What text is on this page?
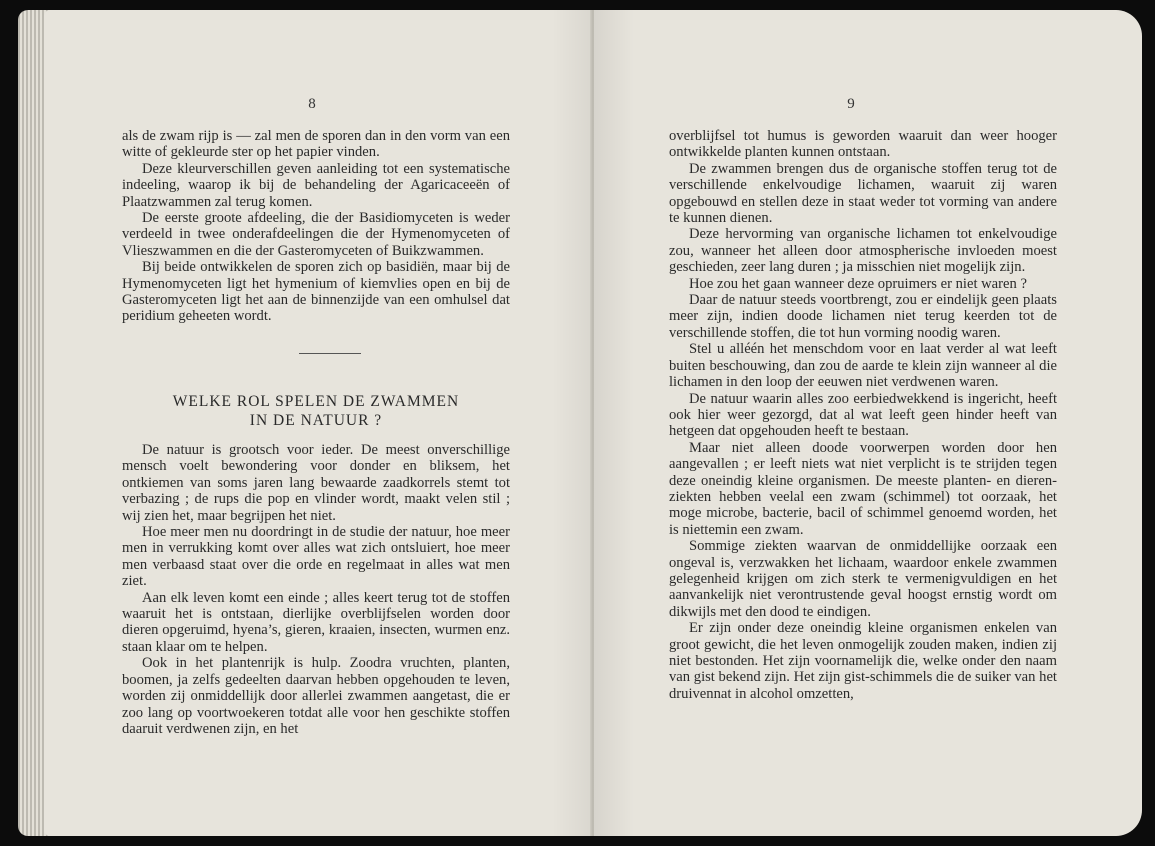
8

als de zwam rijp is — zal men de sporen dan in den vorm van een witte of gekleurde ster op het papier vinden.

Deze kleurverschillen geven aanleiding tot een systematische indeeling, waarop ik bij de behandeling der Agaricaceeën of Plaatzwammen zal terug komen.

De eerste groote afdeeling, die der Basidiomyceten is weder verdeeld in twee onderafdeelingen die der Hymenomyceten of Vlieszwammen en die der Gasteromyceten of Buikzwammen.

Bij beide ontwikkelen de sporen zich op basidiën, maar bij de Hymenomyceten ligt het hymenium of kiemvlies open en bij de Gasteromyceten ligt het aan de binnenzijde van een omhulsel dat peridium geheeten wordt.

WELKE ROL SPELEN DE ZWAMMEN
IN DE NATUUR ?

De natuur is grootsch voor ieder. De meest onverschillige mensch voelt bewondering voor donder en bliksem, het ontkiemen van soms jaren lang bewaarde zaadkorrels stemt tot verbazing ; de rups die pop en vlinder wordt, maakt velen stil ; wij zien het, maar begrijpen het niet.

Hoe meer men nu doordringt in de studie der natuur, hoe meer men in verrukking komt over alles wat zich ontsluiert, hoe meer men verbaasd staat over die orde en regelmaat in alles wat men ziet.

Aan elk leven komt een einde ; alles keert terug tot de stoffen waaruit het is ontstaan, dierlijke overblijfselen worden door dieren opgeruimd, hyena’s, gieren, kraaien, insecten, wurmen enz. staan klaar om te helpen.

Ook in het plantenrijk is hulp. Zoodra vruchten, planten, boomen, ja zelfs gedeelten daarvan hebben opgehouden te leven, worden zij onmiddellijk door allerlei zwammen aangetast, die er zoo lang op voortwoekeren totdat alle voor hen geschikte stoffen daaruit verdwenen zijn, en het

9

overblijfsel tot humus is geworden waaruit dan weer hooger ontwikkelde planten kunnen ontstaan.

De zwammen brengen dus de organische stoffen terug tot de verschillende enkelvoudige lichamen, waaruit zij waren opgebouwd en stellen deze in staat weder tot vorming van andere te kunnen dienen.

Deze hervorming van organische lichamen tot enkelvoudige zou, wanneer het alleen door atmospherische invloeden moest geschieden, zeer lang duren ; ja misschien niet mogelijk zijn.

Hoe zou het gaan wanneer deze opruimers er niet waren ?

Daar de natuur steeds voortbrengt, zou er eindelijk geen plaats meer zijn, indien doode lichamen niet terug keerden tot de verschillende stoffen, die tot hun vorming noodig waren.

Stel u alléén het menschdom voor en laat verder al wat leeft buiten beschouwing, dan zou de aarde te klein zijn wanneer al die lichamen in den loop der eeuwen niet verdwenen waren.

De natuur waarin alles zoo eerbiedwekkend is ingericht, heeft ook hier weer gezorgd, dat al wat leeft geen hinder heeft van hetgeen dat opgehouden heeft te bestaan.

Maar niet alleen doode voorwerpen worden door hen aangevallen ; er leeft niets wat niet verplicht is te strijden tegen deze oneindig kleine organismen. De meeste planten- en dieren-ziekten hebben veelal een zwam (schimmel) tot oorzaak, het moge microbe, bacterie, bacil of schimmel genoemd worden, het is niettemin een zwam.

Sommige ziekten waarvan de onmiddellijke oorzaak een ongeval is, verzwakken het lichaam, waardoor enkele zwammen gelegenheid krijgen om zich sterk te vermenigvuldigen en het aanvankelijk niet verontrustende geval hoogst ernstig wordt om dikwijls met den dood te eindigen.

Er zijn onder deze oneindig kleine organismen enkelen van groot gewicht, die het leven onmogelijk zouden maken, indien zij niet bestonden. Het zijn voornamelijk die, welke onder den naam van gist bekend zijn. Het zijn gist-schimmels die de suiker van het druivennat in alcohol omzetten,
